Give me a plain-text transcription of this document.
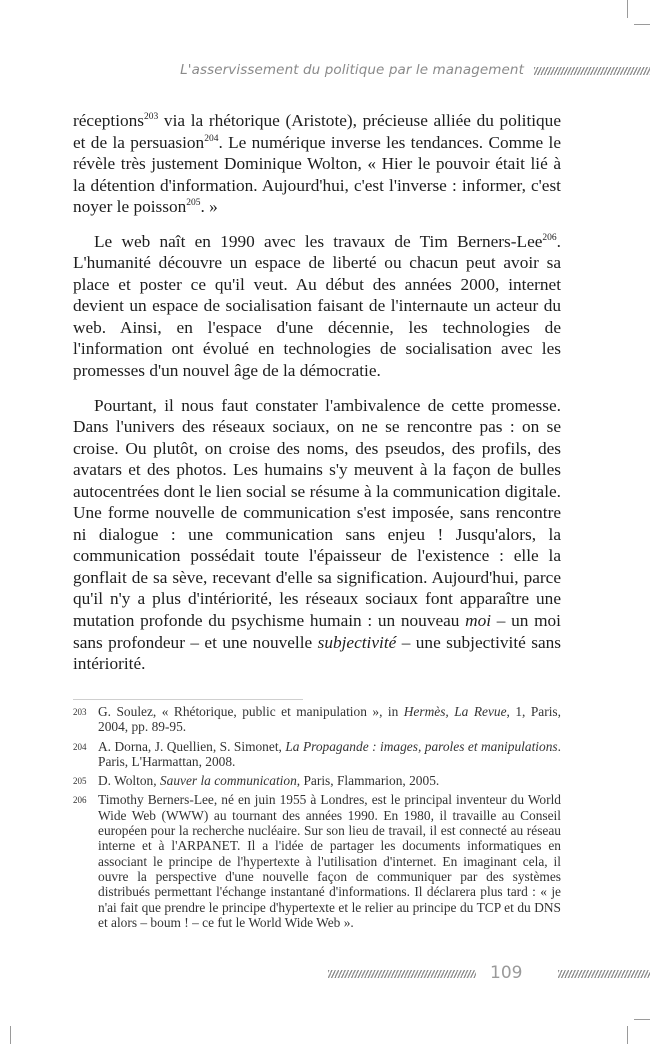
L'asservissement du politique par le management

réceptions$^{203}$ via la rhétorique (Aristote), précieuse alliée du politique et de la persuasion$^{204}$. Le numérique inverse les tendances. Comme le révèle très justement Dominique Wolton, « Hier le pouvoir était lié à la détention d'information. Aujourd'hui, c'est l'inverse : informer, c'est noyer le poisson$^{205}$. »

Le web naît en 1990 avec les travaux de Tim Berners-Lee$^{206}$. L'humanité découvre un espace de liberté ou chacun peut avoir sa place et poster ce qu'il veut. Au début des années 2000, internet devient un espace de socialisation faisant de l'internaute un acteur du web. Ainsi, en l'espace d'une décennie, les technologies de l'information ont évolué en technologies de socialisation avec les promesses d'un nouvel âge de la démocratie.

Pourtant, il nous faut constater l'ambivalence de cette promesse. Dans l'univers des réseaux sociaux, on ne se rencontre pas : on se croise. Ou plutôt, on croise des noms, des pseudos, des profils, des avatars et des photos. Les humains s'y meuvent à la façon de bulles autocentrées dont le lien social se résume à la communication digitale. Une forme nouvelle de communication s'est imposée, sans rencontre ni dialogue : une communication sans enjeu ! Jusqu'alors, la communication possédait toute l'épaisseur de l'existence : elle la gonflait de sa sève, recevant d'elle sa signification. Aujourd'hui, parce qu'il n'y a plus d'intériorité, les réseaux sociaux font apparaître une mutation profonde du psychisme humain : un nouveau moi – un moi sans profondeur – et une nouvelle subjectivité – une subjectivité sans intériorité.

203 G. Soulez, « Rhétorique, public et manipulation », in Hermès, La Revue, 1, Paris, 2004, pp. 89-95.
204 A. Dorna, J. Quellien, S. Simonet, La Propagande : images, paroles et manipulations. Paris, L'Harmattan, 2008.
205 D. Wolton, Sauver la communication, Paris, Flammarion, 2005.
206 Timothy Berners-Lee, né en juin 1955 à Londres, est le principal inventeur du World Wide Web (WWW) au tournant des années 1990. En 1980, il travaille au Conseil européen pour la recherche nucléaire. Sur son lieu de travail, il est connecté au réseau interne et à l'ARPANET. Il a l'idée de partager les documents informatiques en associant le principe de l'hypertexte à l'utilisation d'internet. En imaginant cela, il ouvre la perspective d'une nouvelle façon de communiquer par des systèmes distribués permettant l'échange instantané d'informations. Il déclarera plus tard : « je n'ai fait que prendre le principe d'hypertexte et le relier au principe du TCP et du DNS et alors – boum ! – ce fut le World Wide Web ».
109
